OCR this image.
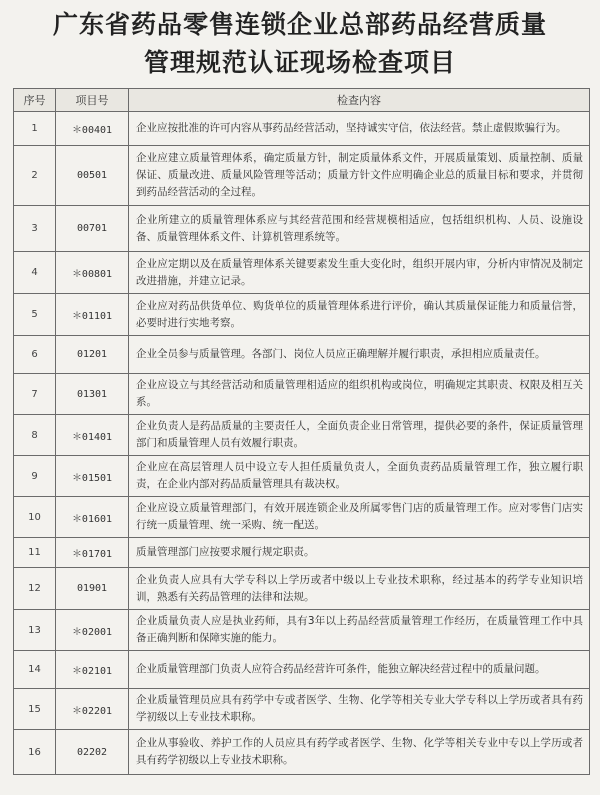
广东省药品零售连锁企业总部药品经营质量
管理规范认证现场检查项目
序号	项目号	检查内容
1	＊00401	企业应按批准的许可内容从事药品经营活动，坚持诚实守信，依法经营。禁止虚假欺骗行为。
2	00501	企业应建立质量管理体系，确定质量方针，制定质量体系文件，开展质量策划、质量控制、质量保证、质量改进、质量风险管理等活动；质量方针文件应明确企业总的质量目标和要求，并贯彻到药品经营活动的全过程。
3	00701	企业所建立的质量管理体系应与其经营范围和经营规模相适应，包括组织机构、人员、设施设备、质量管理体系文件、计算机管理系统等。
4	＊00801	企业应定期以及在质量管理体系关键要素发生重大变化时，组织开展内审，分析内审情况及制定改进措施，并建立记录。
5	＊01101	企业应对药品供货单位、购货单位的质量管理体系进行评价，确认其质量保证能力和质量信誉，必要时进行实地考察。
6	01201	企业全员参与质量管理。各部门、岗位人员应正确理解并履行职责，承担相应质量责任。
7	01301	企业应设立与其经营活动和质量管理相适应的组织机构或岗位，明确规定其职责、权限及相互关系。
8	＊01401	企业负责人是药品质量的主要责任人，全面负责企业日常管理，提供必要的条件，保证质量管理部门和质量管理人员有效履行职责。
9	＊01501	企业应在高层管理人员中设立专人担任质量负责人，全面负责药品质量管理工作，独立履行职责，在企业内部对药品质量管理具有裁决权。
10	＊01601	企业应设立质量管理部门，有效开展连锁企业及所属零售门店的质量管理工作。应对零售门店实行统一质量管理、统一采购、统一配送。
11	＊01701	质量管理部门应按要求履行规定职责。
12	01901	企业负责人应具有大学专科以上学历或者中级以上专业技术职称，经过基本的药学专业知识培训，熟悉有关药品管理的法律和法规。
13	＊02001	企业质量负责人应是执业药师，具有3年以上药品经营质量管理工作经历，在质量管理工作中具备正确判断和保障实施的能力。
14	＊02101	企业质量管理部门负责人应符合药品经营许可条件，能独立解决经营过程中的质量问题。
15	＊02201	企业质量管理员应具有药学中专或者医学、生物、化学等相关专业大学专科以上学历或者具有药学初级以上专业技术职称。
16	02202	企业从事验收、养护工作的人员应具有药学或者医学、生物、化学等相关专业中专以上学历或者具有药学初级以上专业技术职称。
